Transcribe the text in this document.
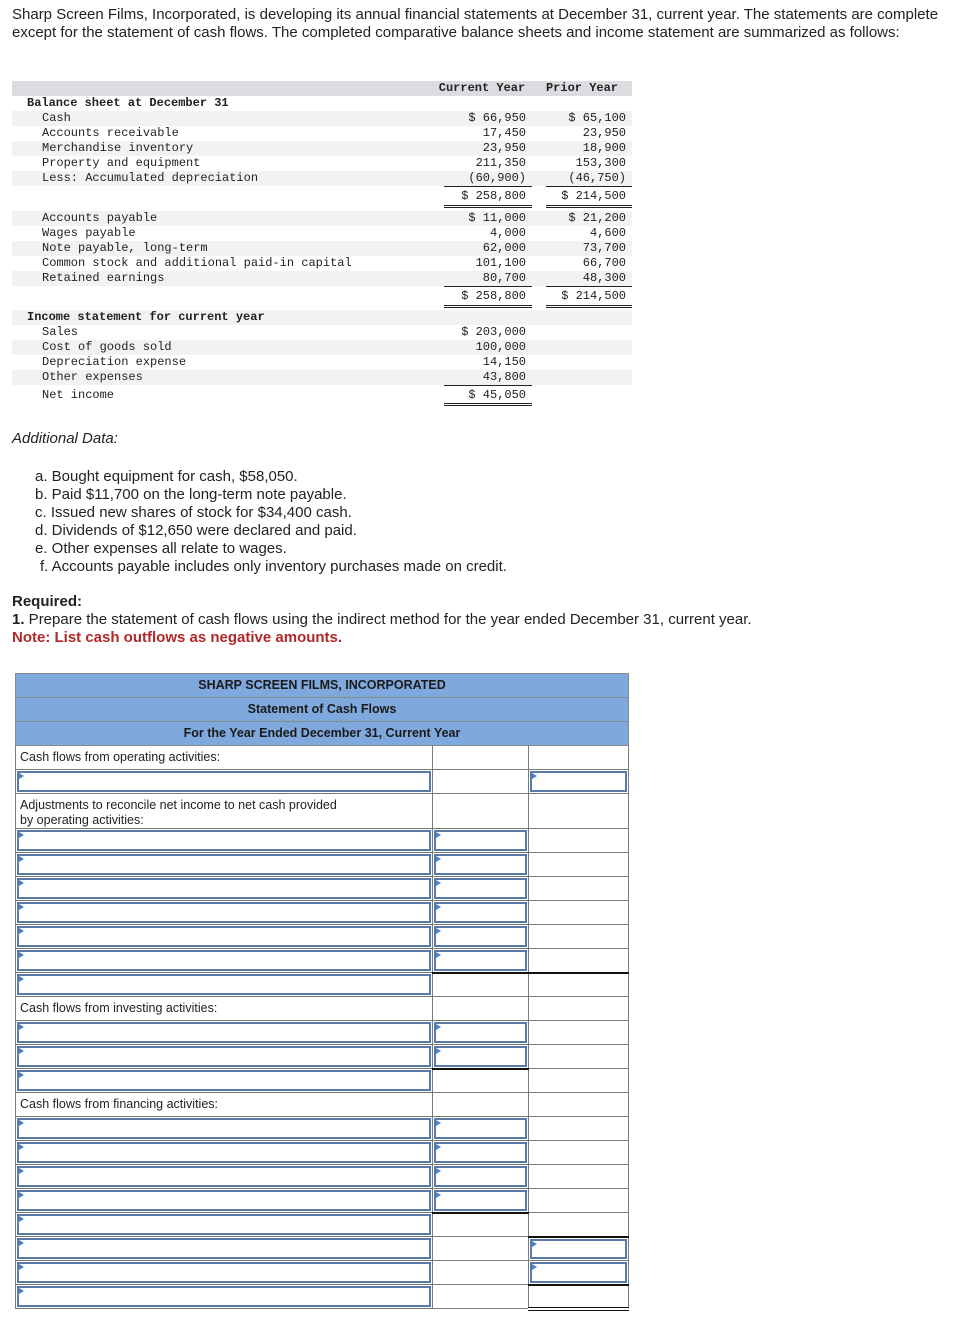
Sharp Screen Films, Incorporated, is developing its annual financial statements at December 31, current year. The statements are complete except for the statement of cash flows. The completed comparative balance sheets and income statement are summarized as follows:
Current Year	Prior Year
Balance sheet at December 31
Cash	$ 66,950	$ 65,100
Accounts receivable	17,450	23,950
Merchandise inventory	23,950	18,900
Property and equipment	211,350	153,300
Less: Accumulated depreciation	(60,900)	(46,750)
$ 258,800	$ 214,500
Accounts payable	$ 11,000	$ 21,200
Wages payable	4,000	4,600
Note payable, long-term	62,000	73,700
Common stock and additional paid-in capital	101,100	66,700
Retained earnings	80,700	48,300
$ 258,800	$ 214,500
Income statement for current year
Sales	$ 203,000
Cost of goods sold	100,000
Depreciation expense	14,150
Other expenses	43,800
Net income	$ 45,050
Additional Data:
a. Bought equipment for cash, $58,050.
b. Paid $11,700 on the long-term note payable.
c. Issued new shares of stock for $34,400 cash.
d. Dividends of $12,650 were declared and paid.
e. Other expenses all relate to wages.
f. Accounts payable includes only inventory purchases made on credit.
Required:
1. Prepare the statement of cash flows using the indirect method for the year ended December 31, current year.
Note: List cash outflows as negative amounts.
SHARP SCREEN FILMS, INCORPORATED		
Statement of Cash Flows		
For the Year Ended December 31, Current Year		
Cash flows from operating activities:		

Adjustments to reconcile net income to net cash provided
by operating activities:		

Cash flows from investing activities:		

Cash flows from financing activities:		
